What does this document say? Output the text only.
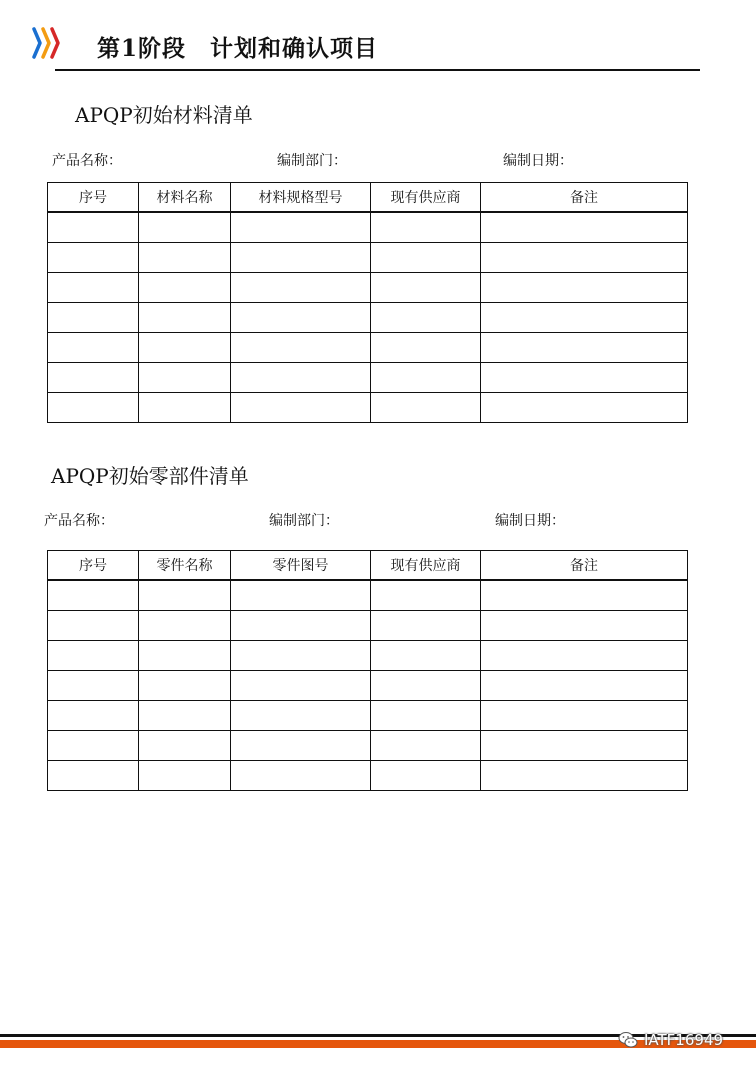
第1阶段　计划和确认项目
APQP初始材料清单
产品名称：	编制部门：	编制日期：
序号	材料名称	材料规格型号	现有供应商	备注

APQP初始零部件清单
产品名称：	编制部门：	编制日期：
序号	零件名称	零件图号	现有供应商	备注

IATF16949
